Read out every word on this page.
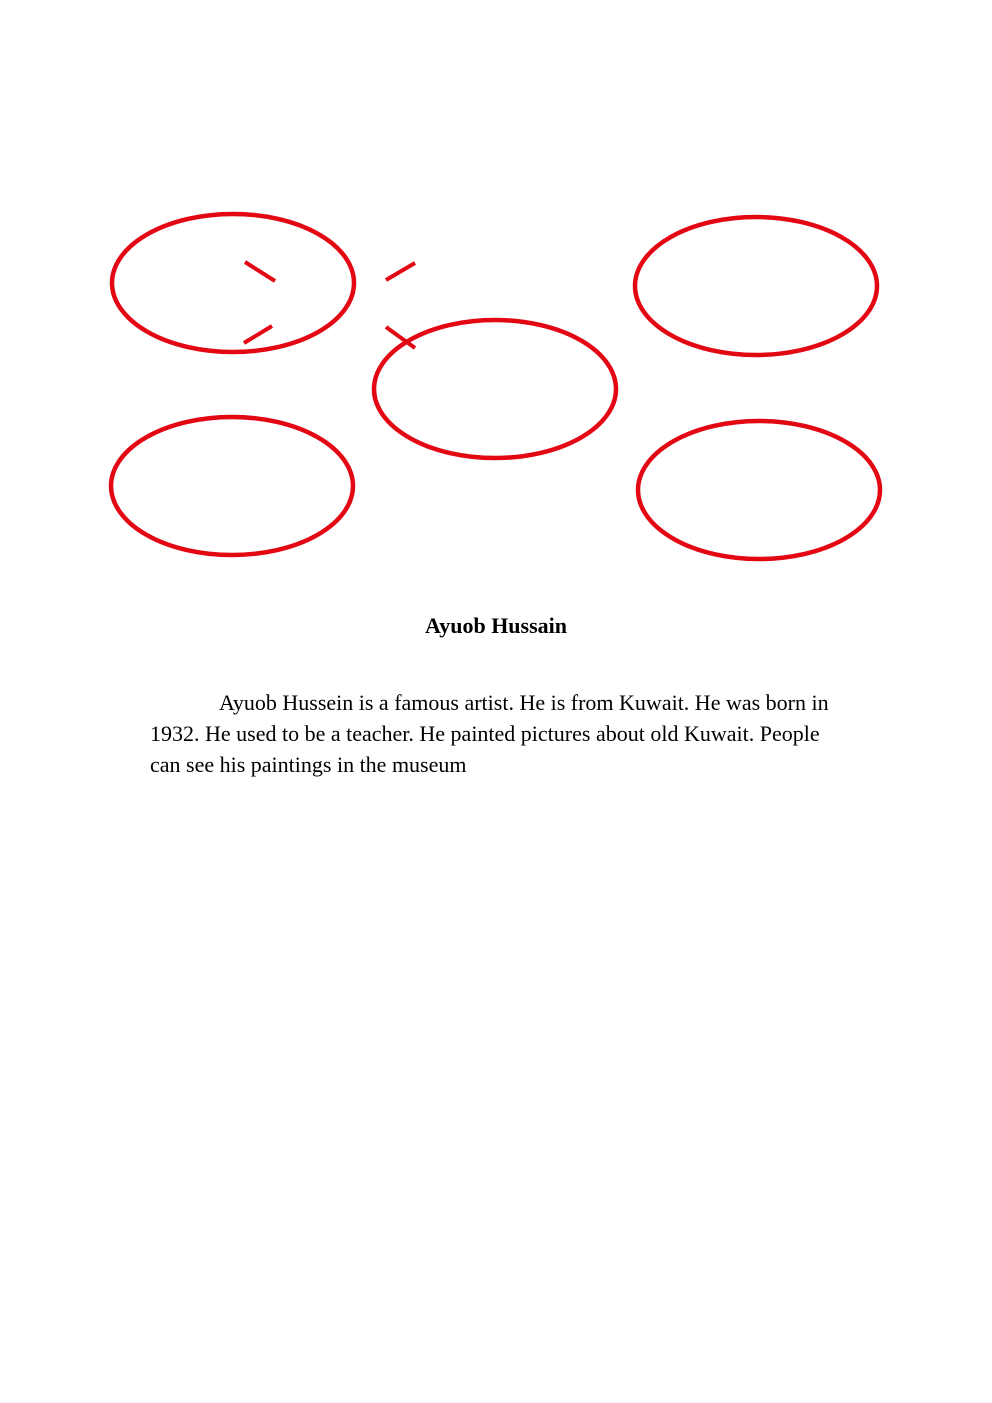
Ayuob Hussain

Ayuob Hussein is a famous artist. He is from Kuwait. He was born in 1932. He used to be a teacher. He painted pictures about old Kuwait. People can see his paintings in the museum
